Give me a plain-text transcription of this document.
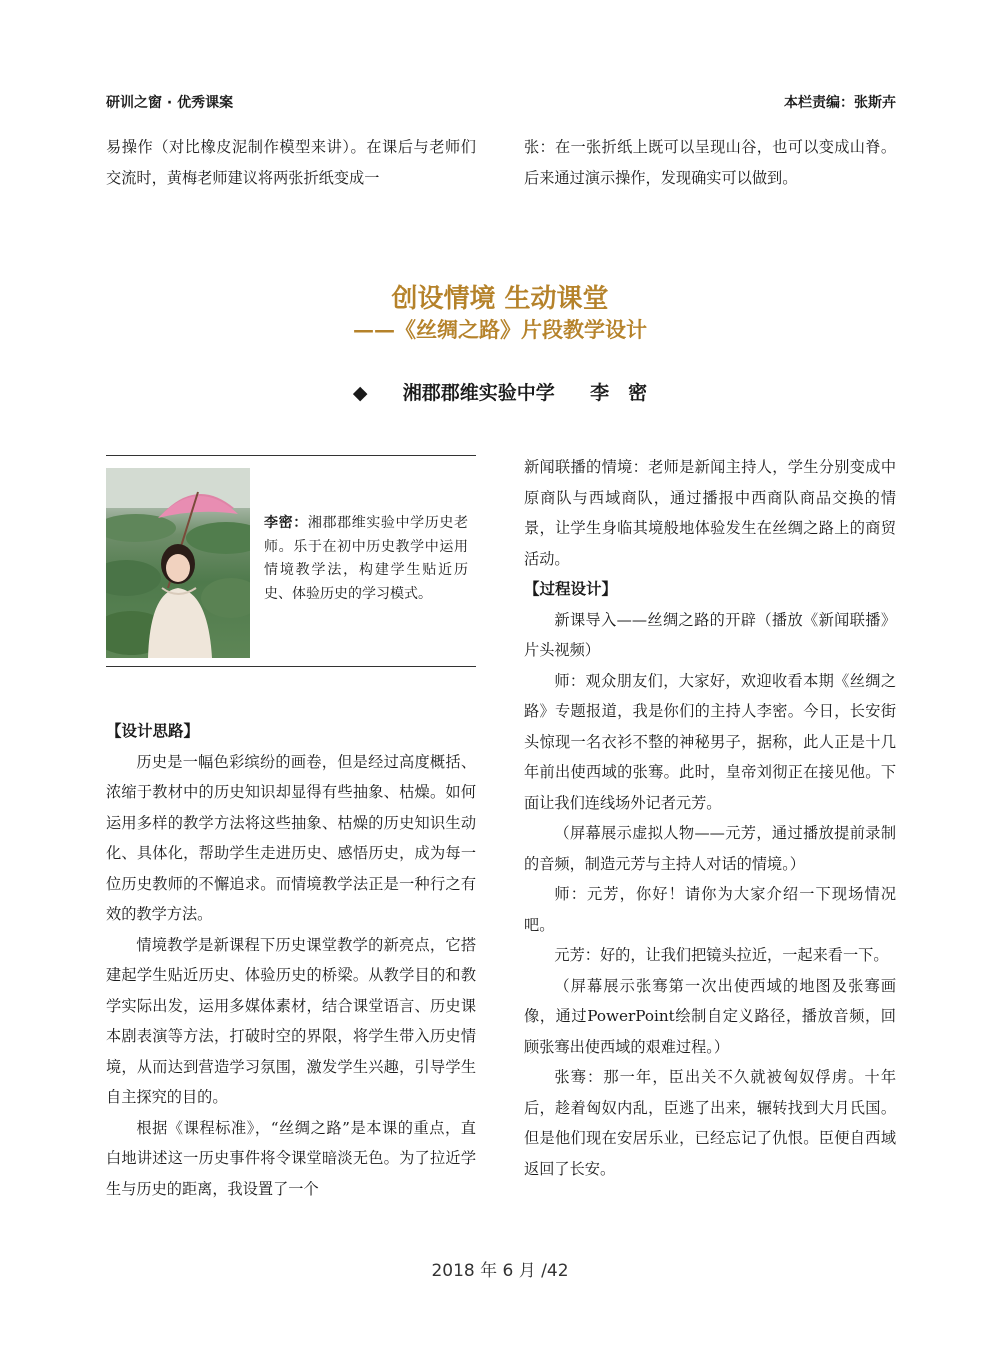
研训之窗 · 优秀课案	本栏责编：张斯卉

易操作（对比橡皮泥制作模型来讲）。在课后与老师们交流时，黄梅老师建议将两张折纸变成一

张：在一张折纸上既可以呈现山谷，也可以变成山脊。后来通过演示操作，发现确实可以做到。

创设情境 生动课堂
——《丝绸之路》片段教学设计
◆ 湘郡郡维实验中学 李　密
李密：湘郡郡维实验中学历史老师。乐于在初中历史教学中运用情境教学法，构建学生贴近历史、体验历史的学习模式。

【设计思路】

历史是一幅色彩缤纷的画卷，但是经过高度概括、浓缩于教材中的历史知识却显得有些抽象、枯燥。如何运用多样的教学方法将这些抽象、枯燥的历史知识生动化、具体化，帮助学生走进历史、感悟历史，成为每一位历史教师的不懈追求。而情境教学法正是一种行之有效的教学方法。

情境教学是新课程下历史课堂教学的新亮点，它搭建起学生贴近历史、体验历史的桥梁。从教学目的和教学实际出发，运用多媒体素材，结合课堂语言、历史课本剧表演等方法，打破时空的界限，将学生带入历史情境，从而达到营造学习氛围，激发学生兴趣，引导学生自主探究的目的。

根据《课程标准》，“丝绸之路”是本课的重点，直白地讲述这一历史事件将令课堂暗淡无色。为了拉近学生与历史的距离，我设置了一个

新闻联播的情境：老师是新闻主持人，学生分别变成中原商队与西域商队，通过播报中西商队商品交换的情景，让学生身临其境般地体验发生在丝绸之路上的商贸活动。

【过程设计】

新课导入——丝绸之路的开辟（播放《新闻联播》片头视频）

师：观众朋友们，大家好，欢迎收看本期《丝绸之路》专题报道，我是你们的主持人李密。今日，长安街头惊现一名衣衫不整的神秘男子，据称，此人正是十几年前出使西域的张骞。此时，皇帝刘彻正在接见他。下面让我们连线场外记者元芳。

（屏幕展示虚拟人物——元芳，通过播放提前录制的音频，制造元芳与主持人对话的情境。）

师：元芳，你好！请你为大家介绍一下现场情况吧。

元芳：好的，让我们把镜头拉近，一起来看一下。

（屏幕展示张骞第一次出使西域的地图及张骞画像，通过PowerPoint绘制自定义路径，播放音频，回顾张骞出使西域的艰难过程。）

张骞：那一年，臣出关不久就被匈奴俘虏。十年后，趁着匈奴内乱，臣逃了出来，辗转找到大月氏国。但是他们现在安居乐业，已经忘记了仇恨。臣便自西域返回了长安。

2018 年 6 月 /42
